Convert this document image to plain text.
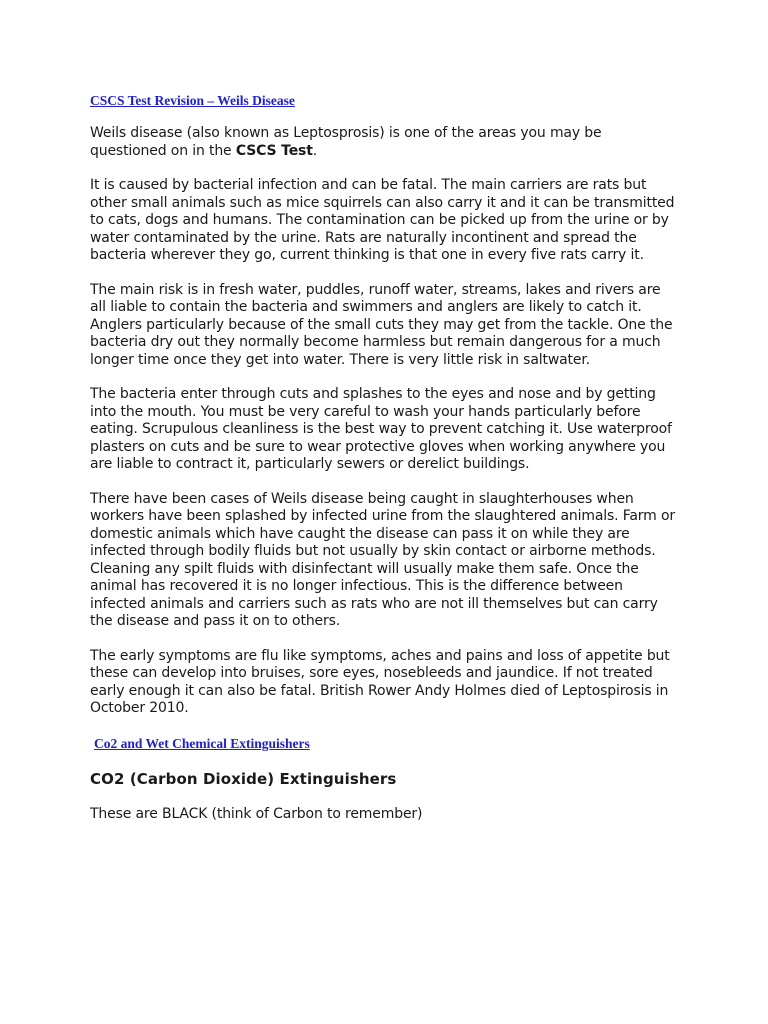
CSCS Test Revision – Weils Disease

Weils disease (also known as Leptosprosis) is one of the areas you may be questioned on in the CSCS Test.

It is caused by bacterial infection and can be fatal. The main carriers are rats but other small animals such as mice squirrels can also carry it and it can be transmitted to cats, dogs and humans. The contamination can be picked up from the urine or by water contaminated by the urine. Rats are naturally incontinent and spread the bacteria wherever they go, current thinking is that one in every five rats carry it.

The main risk is in fresh water, puddles, runoff water, streams, lakes and rivers are all liable to contain the bacteria and swimmers and anglers are likely to catch it. Anglers particularly because of the small cuts they may get from the tackle. One the bacteria dry out they normally become harmless but remain dangerous for a much longer time once they get into water. There is very little risk in saltwater.

The bacteria enter through cuts and splashes to the eyes and nose and by getting into the mouth. You must be very careful to wash your hands particularly before eating. Scrupulous cleanliness is the best way to prevent catching it. Use waterproof plasters on cuts and be sure to wear protective gloves when working anywhere you are liable to contract it, particularly sewers or derelict buildings.

There have been cases of Weils disease being caught in slaughterhouses when workers have been splashed by infected urine from the slaughtered animals. Farm or domestic animals which have caught the disease can pass it on while they are infected through bodily fluids but not usually by skin contact or airborne methods. Cleaning any spilt fluids with disinfectant will usually make them safe. Once the animal has recovered it is no longer infectious. This is the difference between infected animals and carriers such as rats who are not ill themselves but can carry the disease and pass it on to others.

The early symptoms are flu like symptoms, aches and pains and loss of appetite but these can develop into bruises, sore eyes, nosebleeds and jaundice. If not treated early enough it can also be fatal. British Rower Andy Holmes died of Leptospirosis in October 2010.

Co2 and Wet Chemical Extinguishers
CO2 (Carbon Dioxide) Extinguishers

These are BLACK (think of Carbon to remember)
